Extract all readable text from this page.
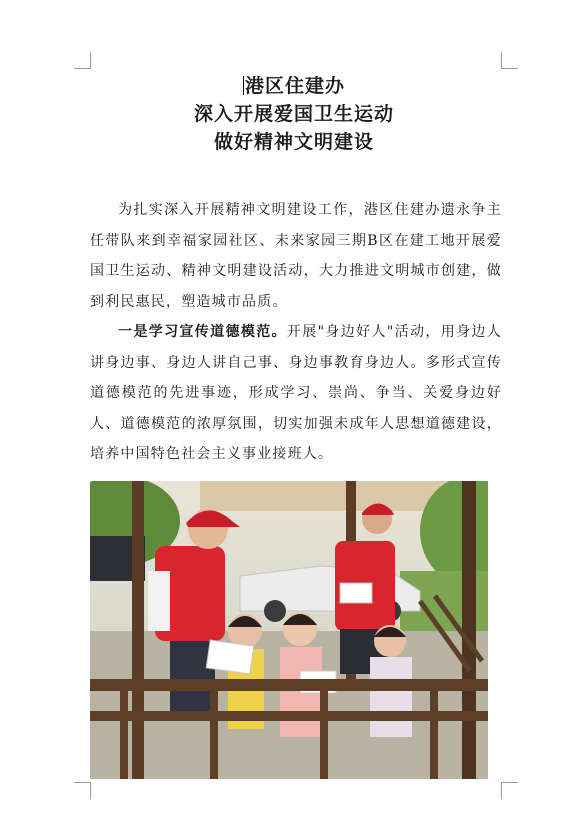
港区住建办
深入开展爱国卫生运动
做好精神文明建设

为扎实深入开展精神文明建设工作，港区住建办遗永争主任带队来到幸福家园社区、未来家园三期B区在建工地开展爱国卫生运动、精神文明建设活动，大力推进文明城市创建，做到利民惠民，塑造城市品质。

一是学习宣传道德模范。开展"身边好人"活动，用身边人讲身边事、身边人讲自己事、身边事教育身边人。多形式宣传道德模范的先进事迹，形成学习、崇尚、争当、关爱身边好人、道德模范的浓厚氛围，切实加强未成年人思想道德建设，培养中国特色社会主义事业接班人。
